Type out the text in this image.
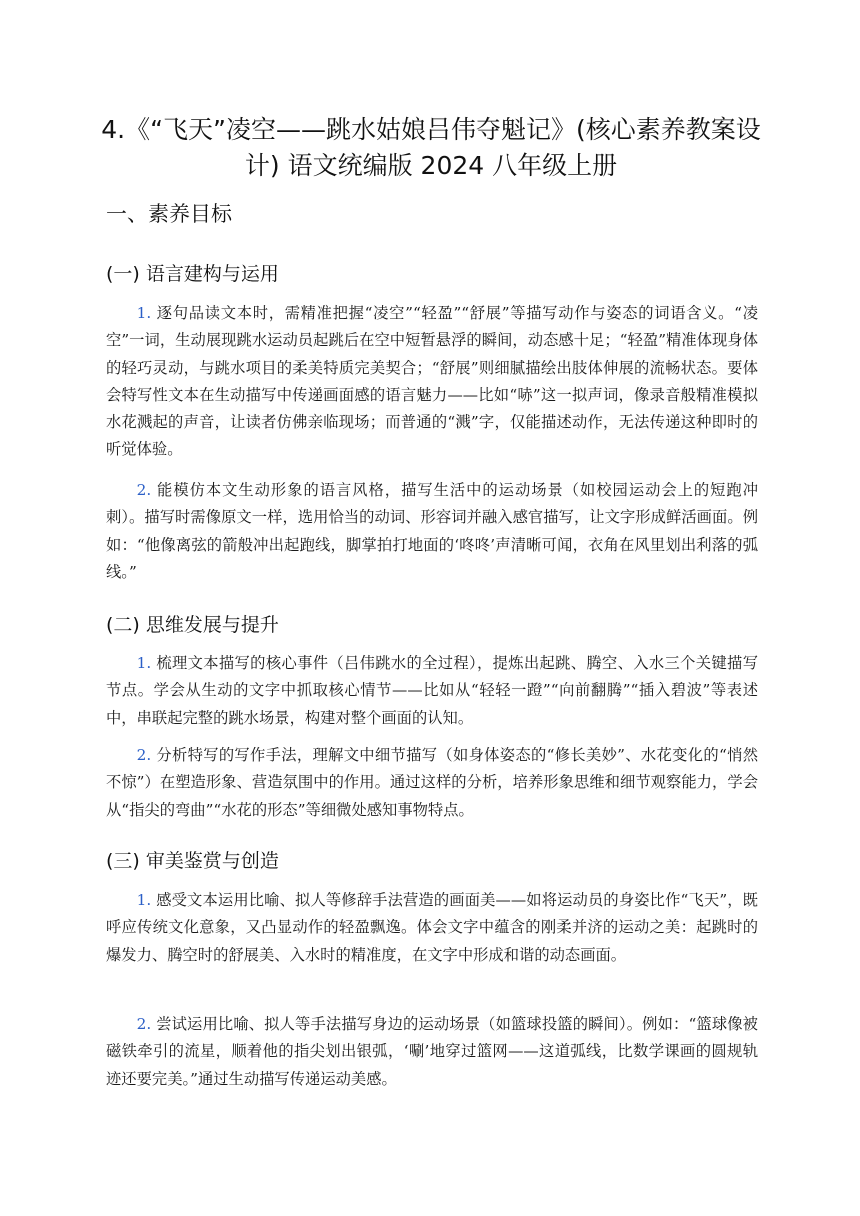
4.《“飞天”凌空——跳水姑娘吕伟夺魁记》(核心素养教案设计) 语文统编版 2024 八年级上册
一、素养目标
(一) 语言建构与运用

1. 逐句品读文本时，需精准把握“凌空”“轻盈”“舒展”等描写动作与姿态的词语含义。“凌空”一词，生动展现跳水运动员起跳后在空中短暂悬浮的瞬间，动态感十足；“轻盈”精准体现身体的轻巧灵动，与跳水项目的柔美特质完美契合；“舒展”则细腻描绘出肢体伸展的流畅状态。要体会特写性文本在生动描写中传递画面感的语言魅力——比如“哧”这一拟声词，像录音般精准模拟水花溅起的声音，让读者仿佛亲临现场；而普通的“溅”字，仅能描述动作，无法传递这种即时的听觉体验。

2. 能模仿本文生动形象的语言风格，描写生活中的运动场景（如校园运动会上的短跑冲刺）。描写时需像原文一样，选用恰当的动词、形容词并融入感官描写，让文字形成鲜活画面。例如：“他像离弦的箭般冲出起跑线，脚掌拍打地面的‘咚咚’声清晰可闻，衣角在风里划出利落的弧线。”

(二) 思维发展与提升

1. 梳理文本描写的核心事件（吕伟跳水的全过程），提炼出起跳、腾空、入水三个关键描写节点。学会从生动的文字中抓取核心情节——比如从“轻轻一蹬”“向前翻腾”“插入碧波”等表述中，串联起完整的跳水场景，构建对整个画面的认知。

2. 分析特写的写作手法，理解文中细节描写（如身体姿态的“修长美妙”、水花变化的“悄然不惊”）在塑造形象、营造氛围中的作用。通过这样的分析，培养形象思维和细节观察能力，学会从“指尖的弯曲”“水花的形态”等细微处感知事物特点。

(三) 审美鉴赏与创造

1. 感受文本运用比喻、拟人等修辞手法营造的画面美——如将运动员的身姿比作“飞天”，既呼应传统文化意象，又凸显动作的轻盈飘逸。体会文字中蕴含的刚柔并济的运动之美：起跳时的爆发力、腾空时的舒展美、入水时的精准度，在文字中形成和谐的动态画面。

2. 尝试运用比喻、拟人等手法描写身边的运动场景（如篮球投篮的瞬间）。例如：“篮球像被磁铁牵引的流星，顺着他的指尖划出银弧，‘唰’地穿过篮网——这道弧线，比数学课画的圆规轨迹还要完美。”通过生动描写传递运动美感。
